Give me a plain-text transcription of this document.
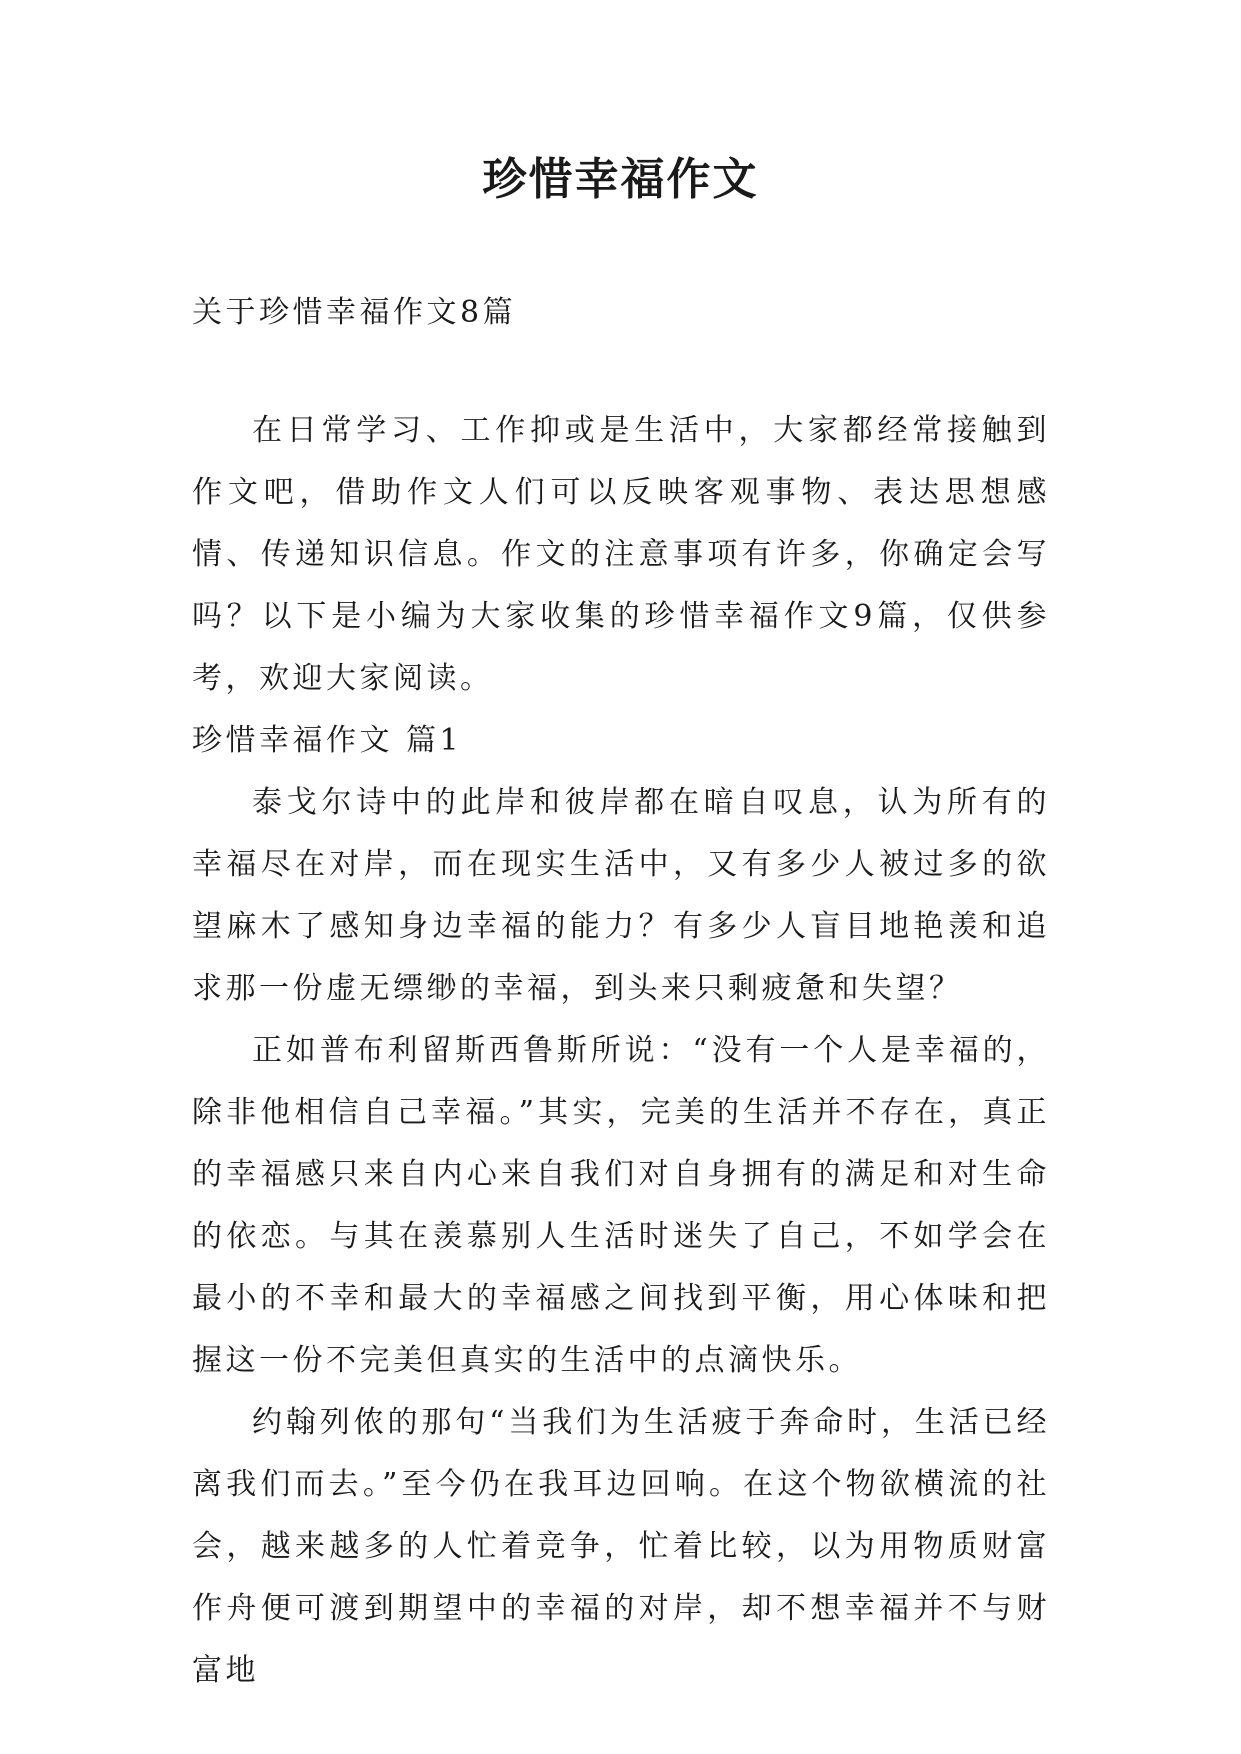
珍惜幸福作文

关于珍惜幸福作文8篇

在日常学习、工作抑或是生活中，大家都经常接触到作文吧，借助作文人们可以反映客观事物、表达思想感情、传递知识信息。作文的注意事项有许多，你确定会写吗？以下是小编为大家收集的珍惜幸福作文9篇，仅供参考，欢迎大家阅读。

珍惜幸福作文 篇1

泰戈尔诗中的此岸和彼岸都在暗自叹息，认为所有的幸福尽在对岸，而在现实生活中，又有多少人被过多的欲望麻木了感知身边幸福的能力？有多少人盲目地艳羡和追求那一份虚无缥缈的幸福，到头来只剩疲惫和失望？

正如普布利留斯西鲁斯所说：“没有一个人是幸福的，除非他相信自己幸福。”其实，完美的生活并不存在，真正的幸福感只来自内心来自我们对自身拥有的满足和对生命的依恋。与其在羡慕别人生活时迷失了自己，不如学会在最小的不幸和最大的幸福感之间找到平衡，用心体味和把握这一份不完美但真实的生活中的点滴快乐。

约翰列侬的那句“当我们为生活疲于奔命时，生活已经离我们而去。”至今仍在我耳边回响。在这个物欲横流的社会，越来越多的人忙着竞争，忙着比较，以为用物质财富作舟便可渡到期望中的幸福的对岸，却不想幸福并不与财富地
